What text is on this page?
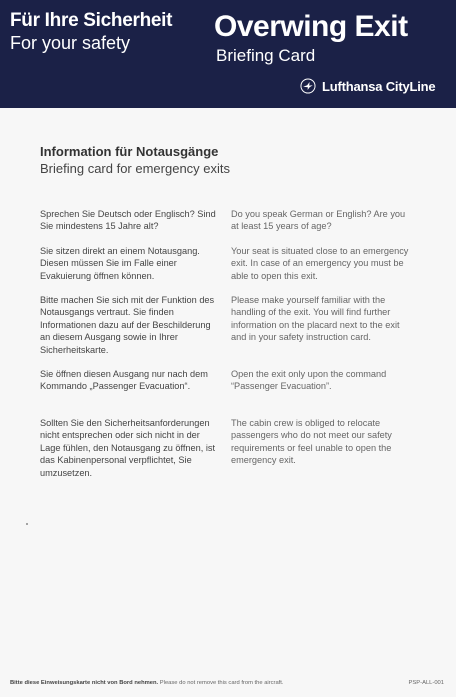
Für Ihre Sicherheit
For your safety	Overwing Exit
Briefing Card
Lufthansa CityLine
Information für Notausgänge
Briefing card for emergency exits

Sprechen Sie Deutsch oder Englisch? Sind Sie mindestens 15 Jahre alt?

Sie sitzen direkt an einem Notausgang. Diesen müssen Sie im Falle einer Evakuierung öffnen können.

Bitte machen Sie sich mit der Funktion des Notausgangs vertraut. Sie finden Informationen dazu auf der Beschilderung an diesem Ausgang sowie in Ihrer Sicherheitskarte.

Sie öffnen diesen Ausgang nur nach dem Kommando „Passenger Evacuation“.

Sollten Sie den Sicherheitsanforderungen nicht entsprechen oder sich nicht in der Lage fühlen, den Notausgang zu öffnen, ist das Kabinenpersonal verpflichtet, Sie umzusetzen.

Do you speak German or English? Are you at least 15 years of age?

Your seat is situated close to an emergency exit. In case of an emergency you must be able to open this exit.

Please make yourself familiar with the handling of the exit. You will find further information on the placard next to the exit and in your safety instruction card.

Open the exit only upon the command “Passenger Evacuation”.

The cabin crew is obliged to relocate passengers who do not meet our safety requirements or feel unable to open the emergency exit.

Bitte diese Einweisungskarte nicht von Bord nehmen. Please do not remove this card from the aircraft.	PSP-ALL-001
